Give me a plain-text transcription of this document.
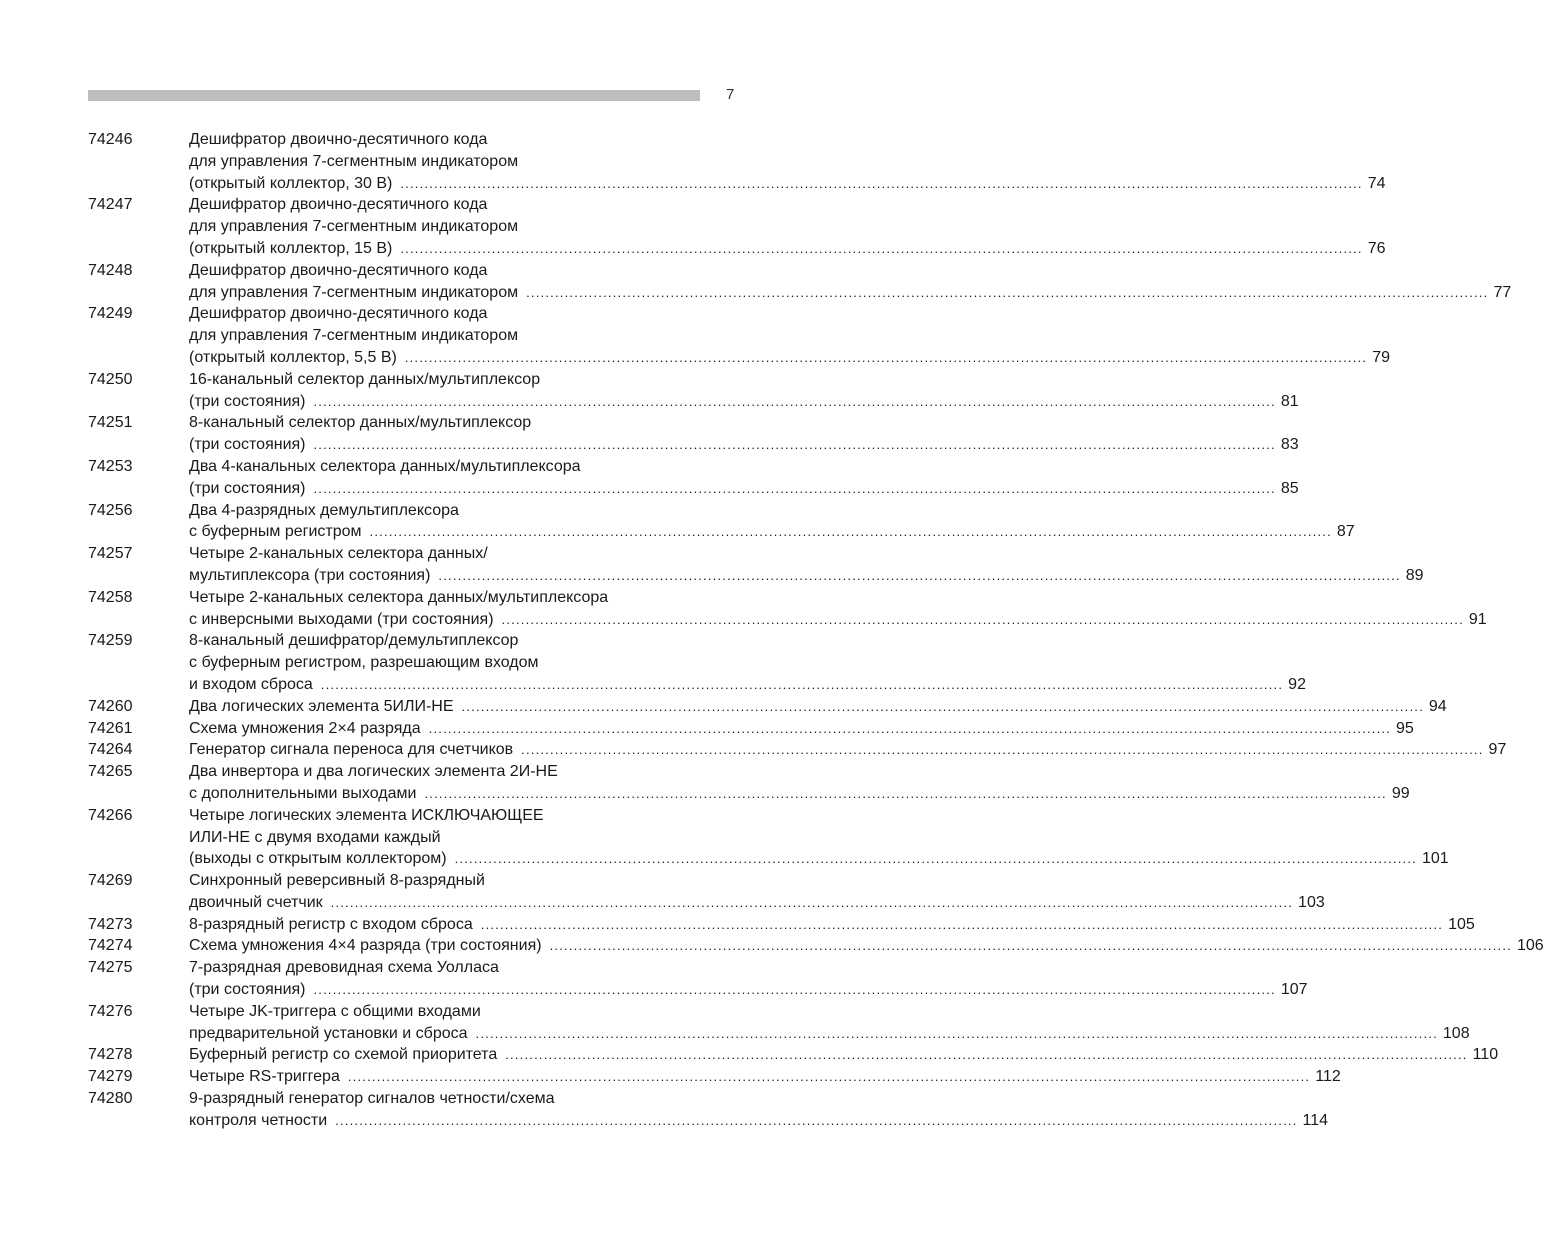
7
74246	Дешифратор двоично-десятичного кода
для управления 7-сегментным индикатором
(открытый коллектор, 30 В) .....	74
74247	Дешифратор двоично-десятичного кода
для управления 7-сегментным индикатором
(открытый коллектор, 15 В) .....	76
74248	Дешифратор двоично-десятичного кода
для управления 7-сегментным индикатором .....	77
74249	Дешифратор двоично-десятичного кода
для управления 7-сегментным индикатором
(открытый коллектор, 5,5 В) .....	79
74250	16-канальный селектор данных/мультиплексор
(три состояния) .....	81
74251	8-канальный селектор данных/мультиплексор
(три состояния) .....	83
74253	Два 4-канальных селектора данных/мультиплексора
(три состояния) .....	85
74256	Два 4-разрядных демультиплексора
с буферным регистром .....	87
74257	Четыре 2-канальных селектора данных/
мультиплексора (три состояния) .....	89
74258	Четыре 2-канальных селектора данных/мультиплексора
с инверсными выходами (три состояния) .....	91
74259	8-канальный дешифратор/демультиплексор
с буферным регистром, разрешающим входом
и входом сброса .....	92
74260	Два логических элемента 5ИЛИ-НЕ .....	94
74261	Схема умножения 2×4 разряда .....	95
74264	Генератор сигнала переноса для счетчиков .....	97
74265	Два инвертора и два логических элемента 2И-НЕ
с дополнительными выходами .....	99
74266	Четыре логических элемента ИСКЛЮЧАЮЩЕЕ
ИЛИ-НЕ с двумя входами каждый
(выходы с открытым коллектором) .....	101
74269	Синхронный реверсивный 8-разрядный
двоичный счетчик .....	103
74273	8-разрядный регистр с входом сброса .....	105
74274	Схема умножения 4×4 разряда (три состояния) .....	106
74275	7-разрядная древовидная схема Уолласа
(три состояния) .....	107
74276	Четыре JK-триггера с общими входами
предварительной установки и сброса .....	108
74278	Буферный регистр со схемой приоритета .....	110
74279	Четыре RS-триггера .....	112
74280	9-разрядный генератор сигналов четности/схема
контроля четности .....	114
